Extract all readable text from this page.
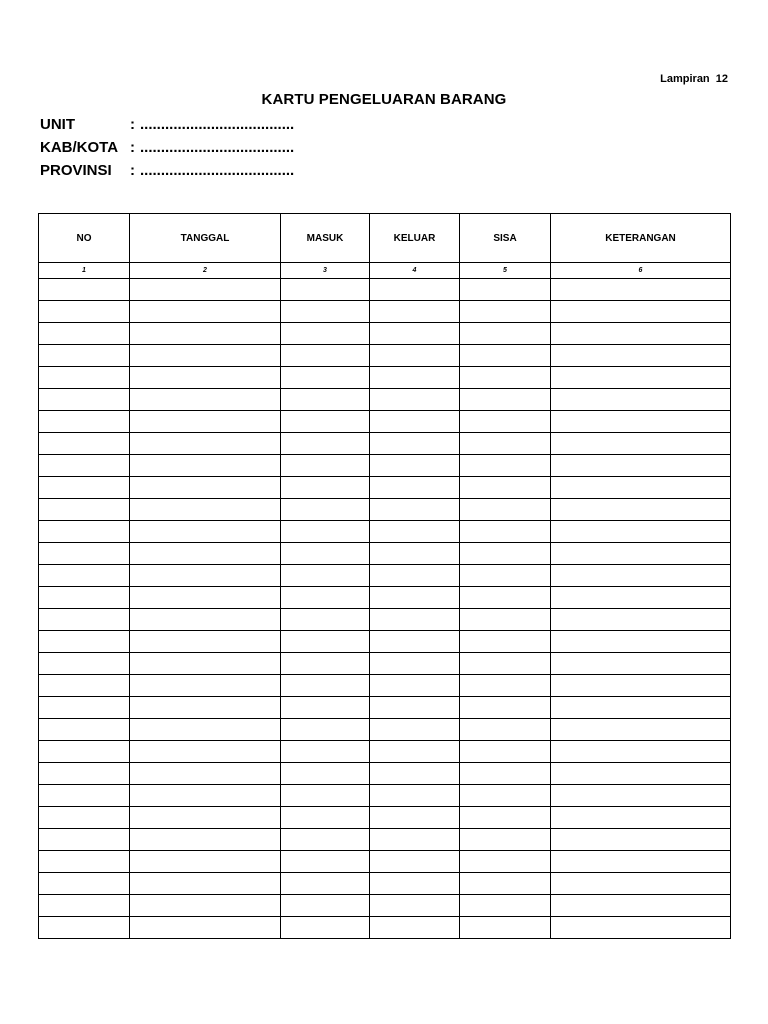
Lampiran  12
KARTU PENGELUARAN BARANG
UNIT	: .....................................
KAB/KOTA : .....................................
PROVINSI	: .....................................
NO	TANGGAL	MASUK	KELUAR	SISA	KETERANGAN
1	2	3	4	5	6
